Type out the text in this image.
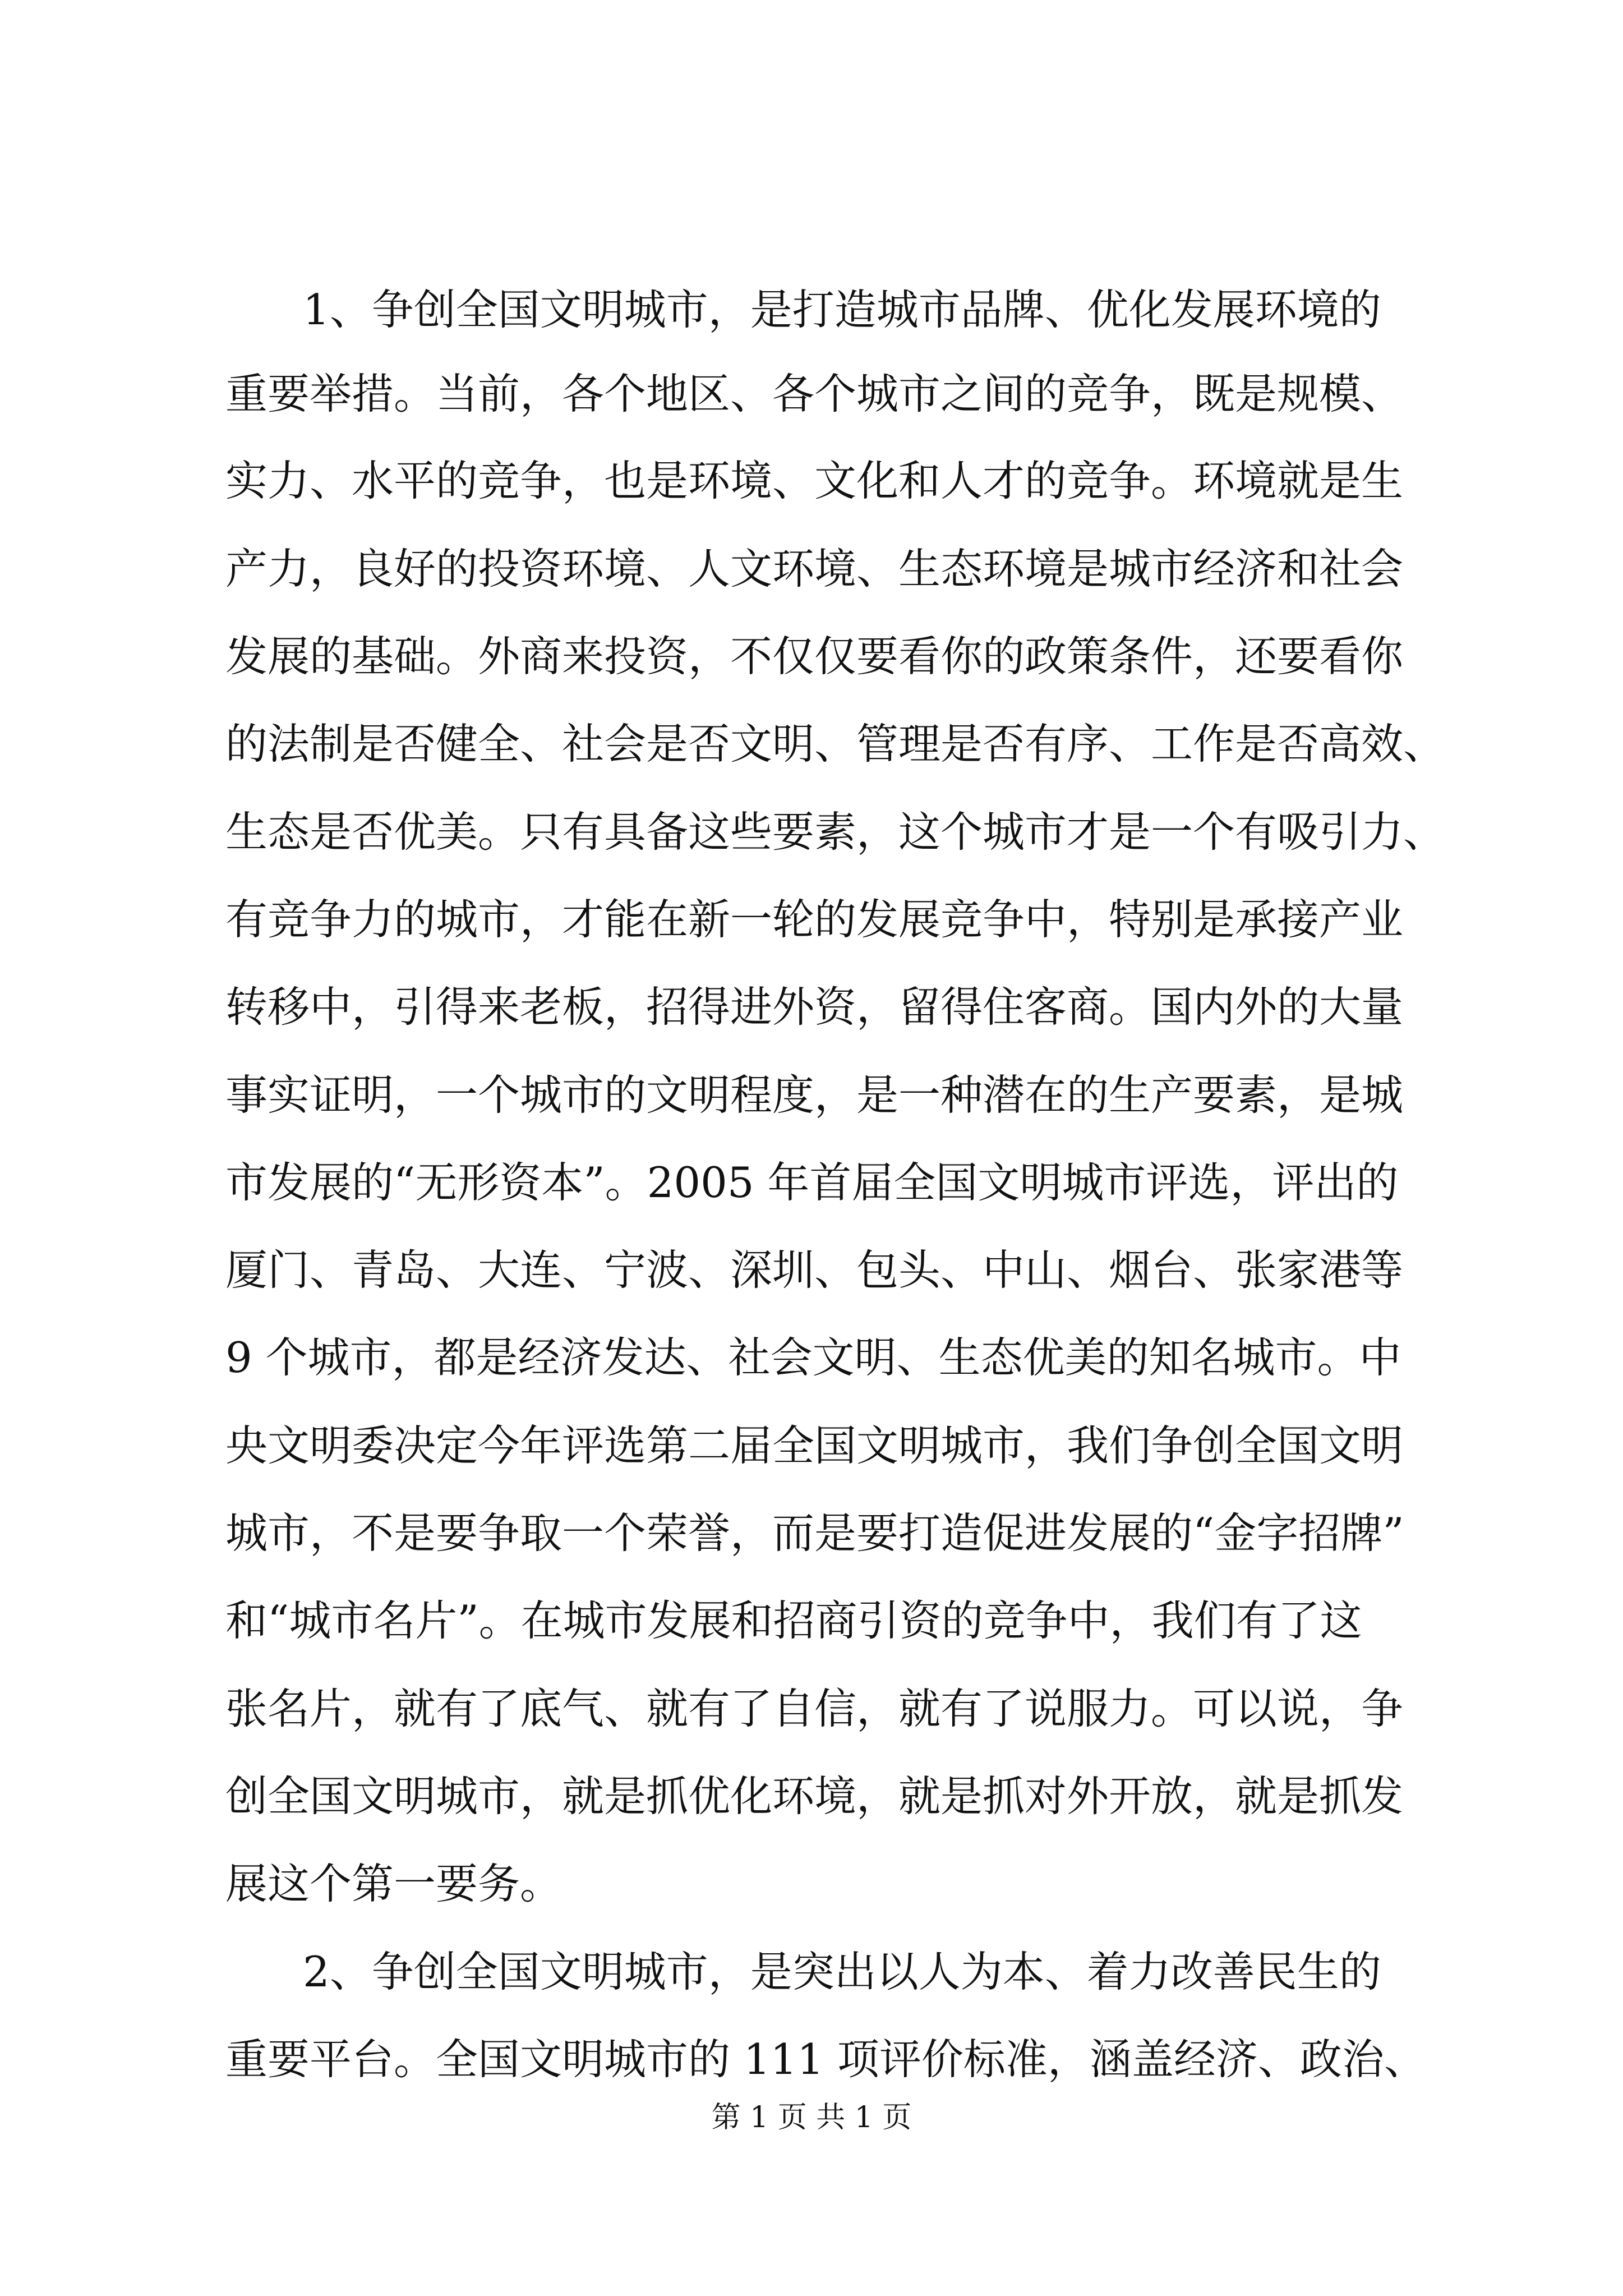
1、争创全国文明城市，是打造城市品牌、优化发展环境的
重要举措。当前，各个地区、各个城市之间的竞争，既是规模、
实力、水平的竞争，也是环境、文化和人才的竞争。环境就是生
产力，良好的投资环境、人文环境、生态环境是城市经济和社会
发展的基础。外商来投资，不仅仅要看你的政策条件，还要看你
的法制是否健全、社会是否文明、管理是否有序、工作是否高效、
生态是否优美。只有具备这些要素，这个城市才是一个有吸引力、
有竞争力的城市，才能在新一轮的发展竞争中，特别是承接产业
转移中，引得来老板，招得进外资，留得住客商。国内外的大量
事实证明，一个城市的文明程度，是一种潜在的生产要素，是城
市发展的“无形资本”。2005 年首届全国文明城市评选，评出的
厦门、青岛、大连、宁波、深圳、包头、中山、烟台、张家港等
9 个城市，都是经济发达、社会文明、生态优美的知名城市。中
央文明委决定今年评选第二届全国文明城市，我们争创全国文明
城市，不是要争取一个荣誉，而是要打造促进发展的“金字招牌”
和“城市名片”。在城市发展和招商引资的竞争中，我们有了这
张名片，就有了底气、就有了自信，就有了说服力。可以说，争
创全国文明城市，就是抓优化环境，就是抓对外开放，就是抓发
展这个第一要务。
2、争创全国文明城市，是突出以人为本、着力改善民生的
重要平台。全国文明城市的 111 项评价标准，涵盖经济、政治、
第 1 页 共 1 页
